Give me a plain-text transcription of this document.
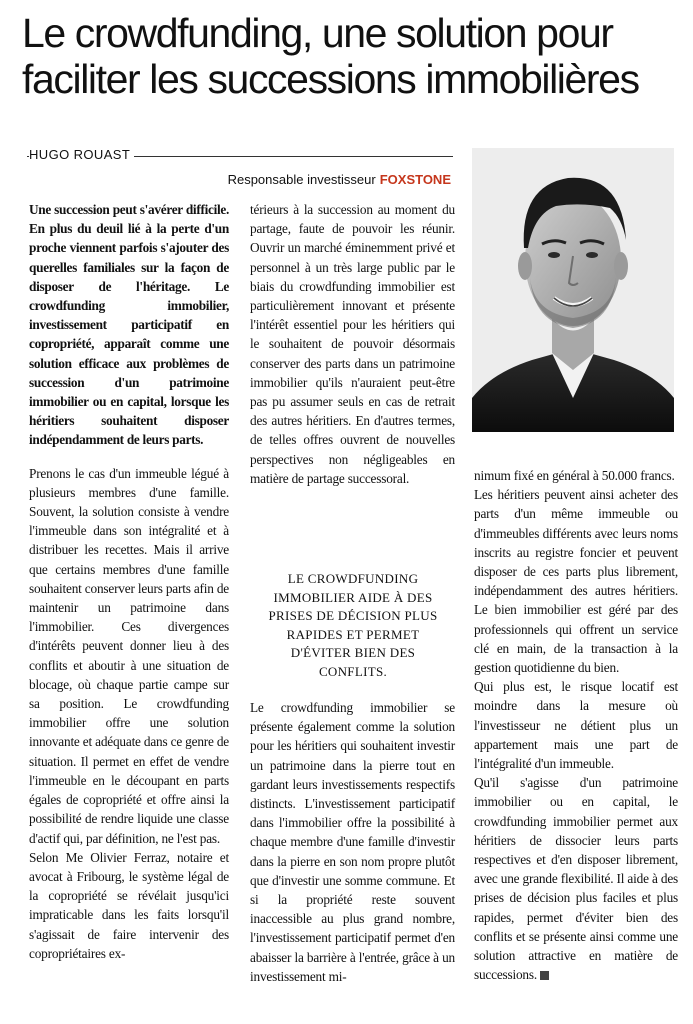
Le crowdfunding, une solution pour faciliter les successions immobilières
HUGO ROUAST
Responsable investisseur FOXSTONE

Une succession peut s'avérer difficile. En plus du deuil lié à la perte d'un proche viennent parfois s'ajouter des querelles familiales sur la façon de disposer de l'héritage. Le crowdfunding immobilier, investissement participatif en copropriété, apparaît comme une solution efficace aux problèmes de succession d'un patrimoine immobilier ou en capital, lorsque les héritiers souhaitent disposer indépendamment de leurs parts.

Prenons le cas d'un immeuble légué à plusieurs membres d'une famille. Souvent, la solution consiste à vendre l'immeuble dans son intégralité et à distribuer les recettes. Mais il arrive que certains membres d'une famille souhaitent conserver leurs parts afin de maintenir un patrimoine dans l'immobilier. Ces divergences d'intérêts peuvent donner lieu à des conflits et aboutir à une situation de blocage, où chaque partie campe sur sa position. Le crowdfunding immobilier offre une solution innovante et adéquate dans ce genre de situation. Il permet en effet de vendre l'immeuble en le découpant en parts égales de copropriété et offre ainsi la possibilité de rendre liquide une classe d'actif qui, par définition, ne l'est pas.

Selon Me Olivier Ferraz, notaire et avocat à Fribourg, le système légal de la copropriété se révélait jusqu'ici impraticable dans les faits lorsqu'il s'agissait de faire intervenir des copropriétaires ex-

térieurs à la succession au moment du partage, faute de pouvoir les réunir. Ouvrir un marché éminemment privé et personnel à un très large public par le biais du crowdfunding immobilier est particulièrement innovant et présente l'intérêt essentiel pour les héritiers qui le souhaitent de pouvoir désormais conserver des parts dans un patrimoine immobilier qu'ils n'auraient peut-être pas pu assumer seuls en cas de retrait des autres héritiers. En d'autres termes, de telles offres ouvrent de nouvelles perspectives non négligeables en matière de partage successoral.

LE CROWDFUNDING IMMOBILIER AIDE À DES PRISES DE DÉCISION PLUS RAPIDES ET PERMET D'ÉVITER BIEN DES CONFLITS.

Le crowdfunding immobilier se présente également comme la solution pour les héritiers qui souhaitent investir un patrimoine dans la pierre tout en gardant leurs investissements respectifs distincts. L'investissement participatif dans l'immobilier offre la possibilité à chaque membre d'une famille d'investir dans la pierre en son nom propre plutôt que d'investir une somme commune. Et si la propriété reste souvent inaccessible au plus grand nombre, l'investissement participatif permet d'en abaisser la barrière à l'entrée, grâce à un investissement mi-

nimum fixé en général à 50.000 francs.

Les héritiers peuvent ainsi acheter des parts d'un même immeuble ou d'immeubles différents avec leurs noms inscrits au registre foncier et peuvent disposer de ces parts plus librement, indépendamment des autres héritiers. Le bien immobilier est géré par des professionnels qui offrent un service clé en main, de la transaction à la gestion quotidienne du bien.

Qui plus est, le risque locatif est moindre dans la mesure où l'investisseur ne détient plus un appartement mais une part de l'intégralité d'un immeuble.

Qu'il s'agisse d'un patrimoine immobilier ou en capital, le crowdfunding immobilier permet aux héritiers de dissocier leurs parts respectives et d'en disposer librement, avec une grande flexibilité. Il aide à des prises de décision plus faciles et plus rapides, permet d'éviter bien des conflits et se présente ainsi comme une solution attractive en matière de successions.
